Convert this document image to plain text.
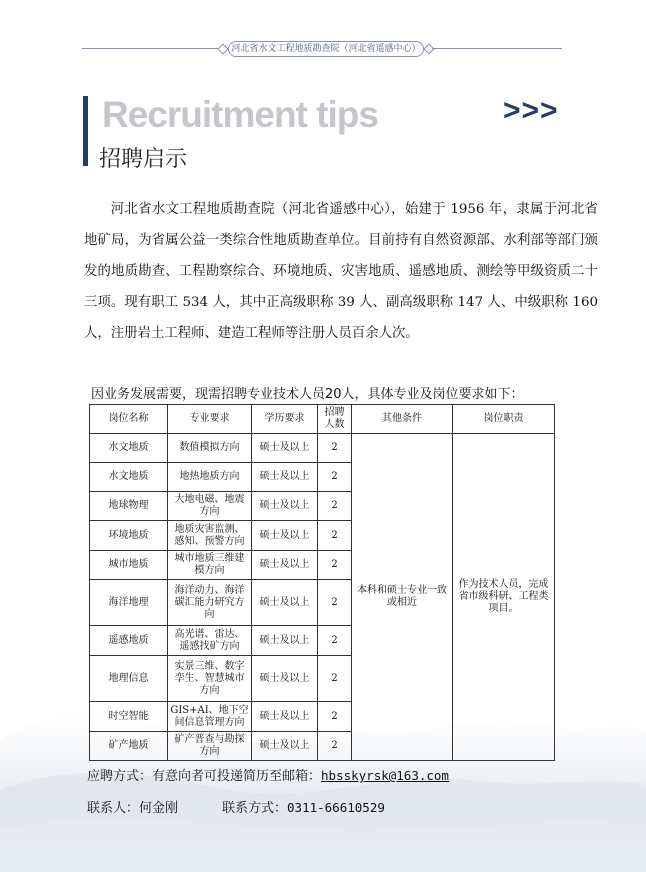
河北省水文工程地质勘查院（河北省遥感中心）
Recruitment tips	>>>
招聘启示
河北省水文工程地质勘查院（河北省遥感中心），始建于 1956 年，隶属于河北省地矿局，为省属公益一类综合性地质勘查单位。目前持有自然资源部、水利部等部门颁发的地质勘查、工程勘察综合、环境地质、灾害地质、遥感地质、测绘等甲级资质二十三项。现有职工 534 人，其中正高级职称 39 人、副高级职称 147 人、中级职称 160 人，注册岩土工程师、建造工程师等注册人员百余人次。
因业务发展需要，现需招聘专业技术人员20人，具体专业及岗位要求如下：
岗位名称	专业要求	学历要求	招聘人数	其他条件	岗位职责
水文地质	数值模拟方向	硕士及以上	2	本科和硕士专业一致或相近	作为技术人员，完成省市级科研、工程类项目。
水文地质	地热地质方向	硕士及以上	2		
地球物理	大地电磁、地震方向	硕士及以上	2		
环境地质	地质灾害监测、感知、预警方向	硕士及以上	2		
城市地质	城市地质三维建模方向	硕士及以上	2		
海洋地理	海洋动力、海洋碳汇能力研究方向	硕士及以上	2		
遥感地质	高光谱、雷达、遥感找矿方向	硕士及以上	2		
地理信息	实景三维、数字孪生、智慧城市方向	硕士及以上	2		
时空智能	GIS+AI、地下空间信息管理方向	硕士及以上	2		
矿产地质	矿产普查与勘探方向	硕士及以上	2		
应聘方式：有意向者可投递简历至邮箱：hbsskyrsk@163.com
联系人：何金刚	联系方式：0311-66610529
